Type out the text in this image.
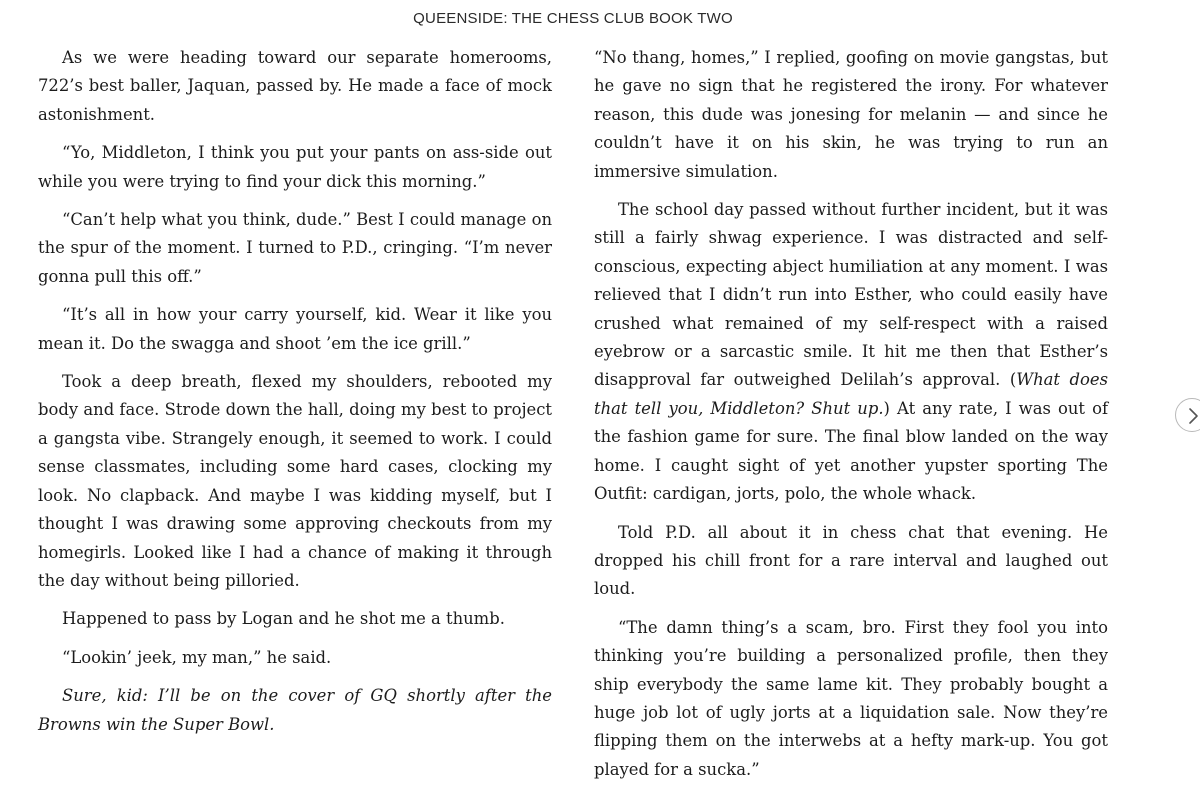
QUEENSIDE: THE CHESS CLUB BOOK TWO

As we were heading toward our separate homerooms, 722’s best baller, Jaquan, passed by. He made a face of mock astonishment.

“Yo, Middleton, I think you put your pants on ass-side out while you were trying to find your dick this morning.”

“Can’t help what you think, dude.” Best I could manage on the spur of the moment. I turned to P.D., cringing. “I’m never gonna pull this off.”

“It’s all in how your carry yourself, kid. Wear it like you mean it. Do the swagga and shoot ’em the ice grill.”

Took a deep breath, flexed my shoulders, rebooted my body and face. Strode down the hall, doing my best to project a gangsta vibe. Strangely enough, it seemed to work. I could sense classmates, including some hard cases, clocking my look. No clapback. And maybe I was kidding myself, but I thought I was drawing some approving checkouts from my homegirls. Looked like I had a chance of making it through the day without being pilloried.

Happened to pass by Logan and he shot me a thumb.

“Lookin’ jeek, my man,” he said.

Sure, kid: I’ll be on the cover of GQ shortly after the Browns win the Super Bowl.

“No thang, homes,” I replied, goofing on movie gangstas, but he gave no sign that he registered the irony. For whatever reason, this dude was jonesing for melanin — and since he couldn’t have it on his skin, he was trying to run an immersive simulation.

The school day passed without further incident, but it was still a fairly shwag experience. I was distracted and self-conscious, expecting abject humiliation at any moment. I was relieved that I didn’t run into Esther, who could easily have crushed what remained of my self-respect with a raised eyebrow or a sarcastic smile. It hit me then that Esther’s disapproval far outweighed Delilah’s approval. (What does that tell you, Middleton? Shut up.) At any rate, I was out of the fashion game for sure. The final blow landed on the way home. I caught sight of yet another yupster sporting The Outfit: cardigan, jorts, polo, the whole whack.

Told P.D. all about it in chess chat that evening. He dropped his chill front for a rare interval and laughed out loud.

“The damn thing’s a scam, bro. First they fool you into thinking you’re building a personalized profile, then they ship everybody the same lame kit. They probably bought a huge job lot of ugly jorts at a liquidation sale. Now they’re flipping them on the interwebs at a hefty mark-up. You got played for a sucka.”
